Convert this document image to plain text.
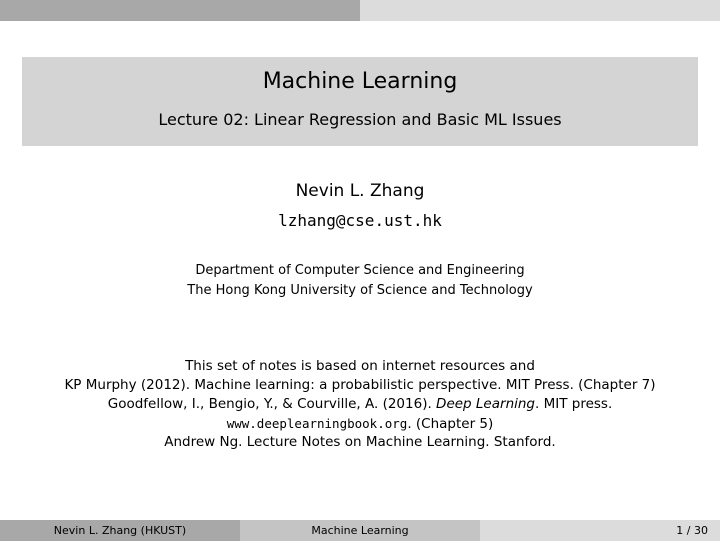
Machine Learning
Lecture 02: Linear Regression and Basic ML Issues
Nevin L. Zhang
lzhang@cse.ust.hk
Department of Computer Science and Engineering
The Hong Kong University of Science and Technology
This set of notes is based on internet resources and
KP Murphy (2012). Machine learning: a probabilistic perspective. MIT Press. (Chapter 7)
Goodfellow, I., Bengio, Y., & Courville, A. (2016). Deep Learning. MIT press.
www.deeplearningbook.org. (Chapter 5)
Andrew Ng. Lecture Notes on Machine Learning. Stanford.
Nevin L. Zhang (HKUST)	Machine Learning	1 / 30
